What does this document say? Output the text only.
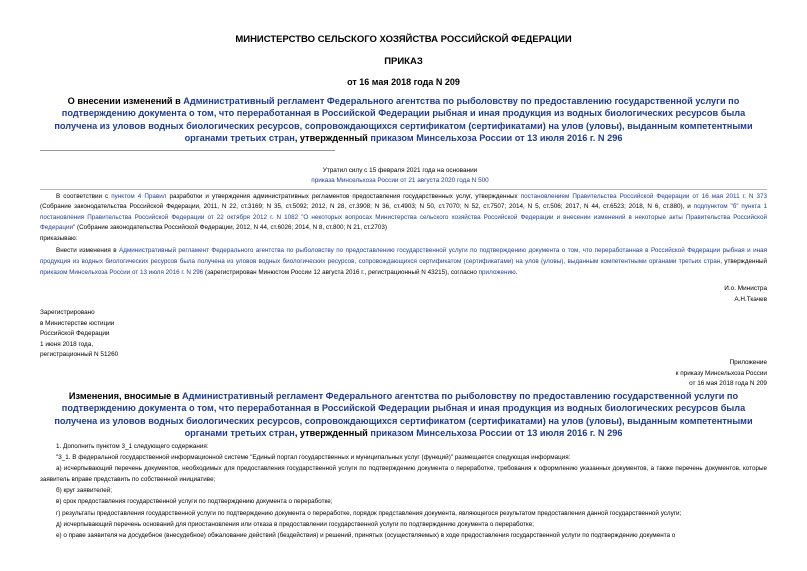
МИНИСТЕРСТВО СЕЛЬСКОГО ХОЗЯЙСТВА РОССИЙСКОЙ ФЕДЕРАЦИИ
ПРИКАЗ
от 16 мая 2018 года N 209
О внесении изменений в Административный регламент Федерального агентства по рыболовству по предоставлению государственной услуги по подтверждению документа о том, что переработанная в Российской Федерации рыбная и иная продукция из водных биологических ресурсов была получена из уловов водных биологических ресурсов, сопровождающихся сертификатом (сертификатами) на улов (уловы), выданным компетентными органами третьих стран, утвержденный приказом Минсельхоза России от 13 июля 2016 г. N 296
Утратил силу с 15 февраля 2021 года на основании
приказа Минсельхоза России от 21 августа 2020 года N 500
В соответствии с пунктом 4 Правил разработки и утверждения административных регламентов предоставления государственных услуг, утвержденных постановлением Правительства Российской Федерации от 16 мая 2011 г. N 373 (Собрание законодательства Российской Федерации, 2011, N 22, ст.3169; N 35, ст.5092; 2012, N 28, ст.3908; N 36, ст.4903; N 50, ст.7070; N 52, ст.7507; 2014, N 5, ст.506; 2017, N 44, ст.6523; 2018, N 6, ст.880), и подпунктом "б" пункта 1 постановления Правительства Российской Федерации от 22 октября 2012 г. N 1082 "О некоторых вопросах Министерства сельского хозяйства Российской Федерации и внесении изменений в некоторые акты Правительства Российской Федерации" (Собрание законодательства Российской Федерации, 2012, N 44, ст.6026; 2014, N 8, ст.800; N 21, ст.2703)
приказываю:
Внести изменения в Административный регламент Федерального агентства по рыболовству по предоставлению государственной услуги по подтверждению документа о том, что переработанная в Российской Федерации рыбная и иная продукция из водных биологических ресурсов была получена из уловов водных биологических ресурсов, сопровождающихся сертификатом (сертификатами) на улов (уловы), выданным компетентными органами третьих стран, утвержденный приказом Минсельхоза России от 13 июля 2016 г. N 296 (зарегистрирован Минюстом России 12 августа 2016 г., регистрационный N 43215), согласно приложению.
И.о. Министра
А.Н.Ткачев
Зарегистрировано
в Министерстве юстиции
Российской Федерации
1 июня 2018 года,
регистрационный N 51260
Приложение
к приказу Минсельхоза России
от 16 мая 2018 года N 209
Изменения, вносимые в Административный регламент Федерального агентства по рыболовству по предоставлению государственной услуги по подтверждению документа о том, что переработанная в Российской Федерации рыбная и иная продукция из водных биологических ресурсов была получена из уловов водных биологических ресурсов, сопровождающихся сертификатом (сертификатами) на улов (уловы), выданным компетентными органами третьих стран, утвержденный приказом Минсельхоза России от 13 июля 2016 г. N 296

1. Дополнить пунктом 3_1 следующего содержания:

"3_1. В федеральной государственной информационной системе "Единый портал государственных и муниципальных услуг (функций)" размещается следующая информация:

а) исчерпывающий перечень документов, необходимых для предоставления государственной услуги по подтверждению документа о переработке, требования к оформлению указанных документов, а также перечень документов, которые заявитель вправе представить по собственной инициативе;

б) круг заявителей;

в) срок предоставления государственной услуги по подтверждению документа о переработке;

г) результаты предоставления государственной услуги по подтверждению документа о переработке, порядок представления документа, являющегося результатом предоставления данной государственной услуги;

д) исчерпывающий перечень оснований для приостановления или отказа в предоставлении государственной услуги по подтверждению документа о переработке;

е) о праве заявителя на досудебное (внесудебное) обжалование действий (бездействия) и решений, принятых (осуществляемых) в ходе предоставления государственной услуги по подтверждению документа о
